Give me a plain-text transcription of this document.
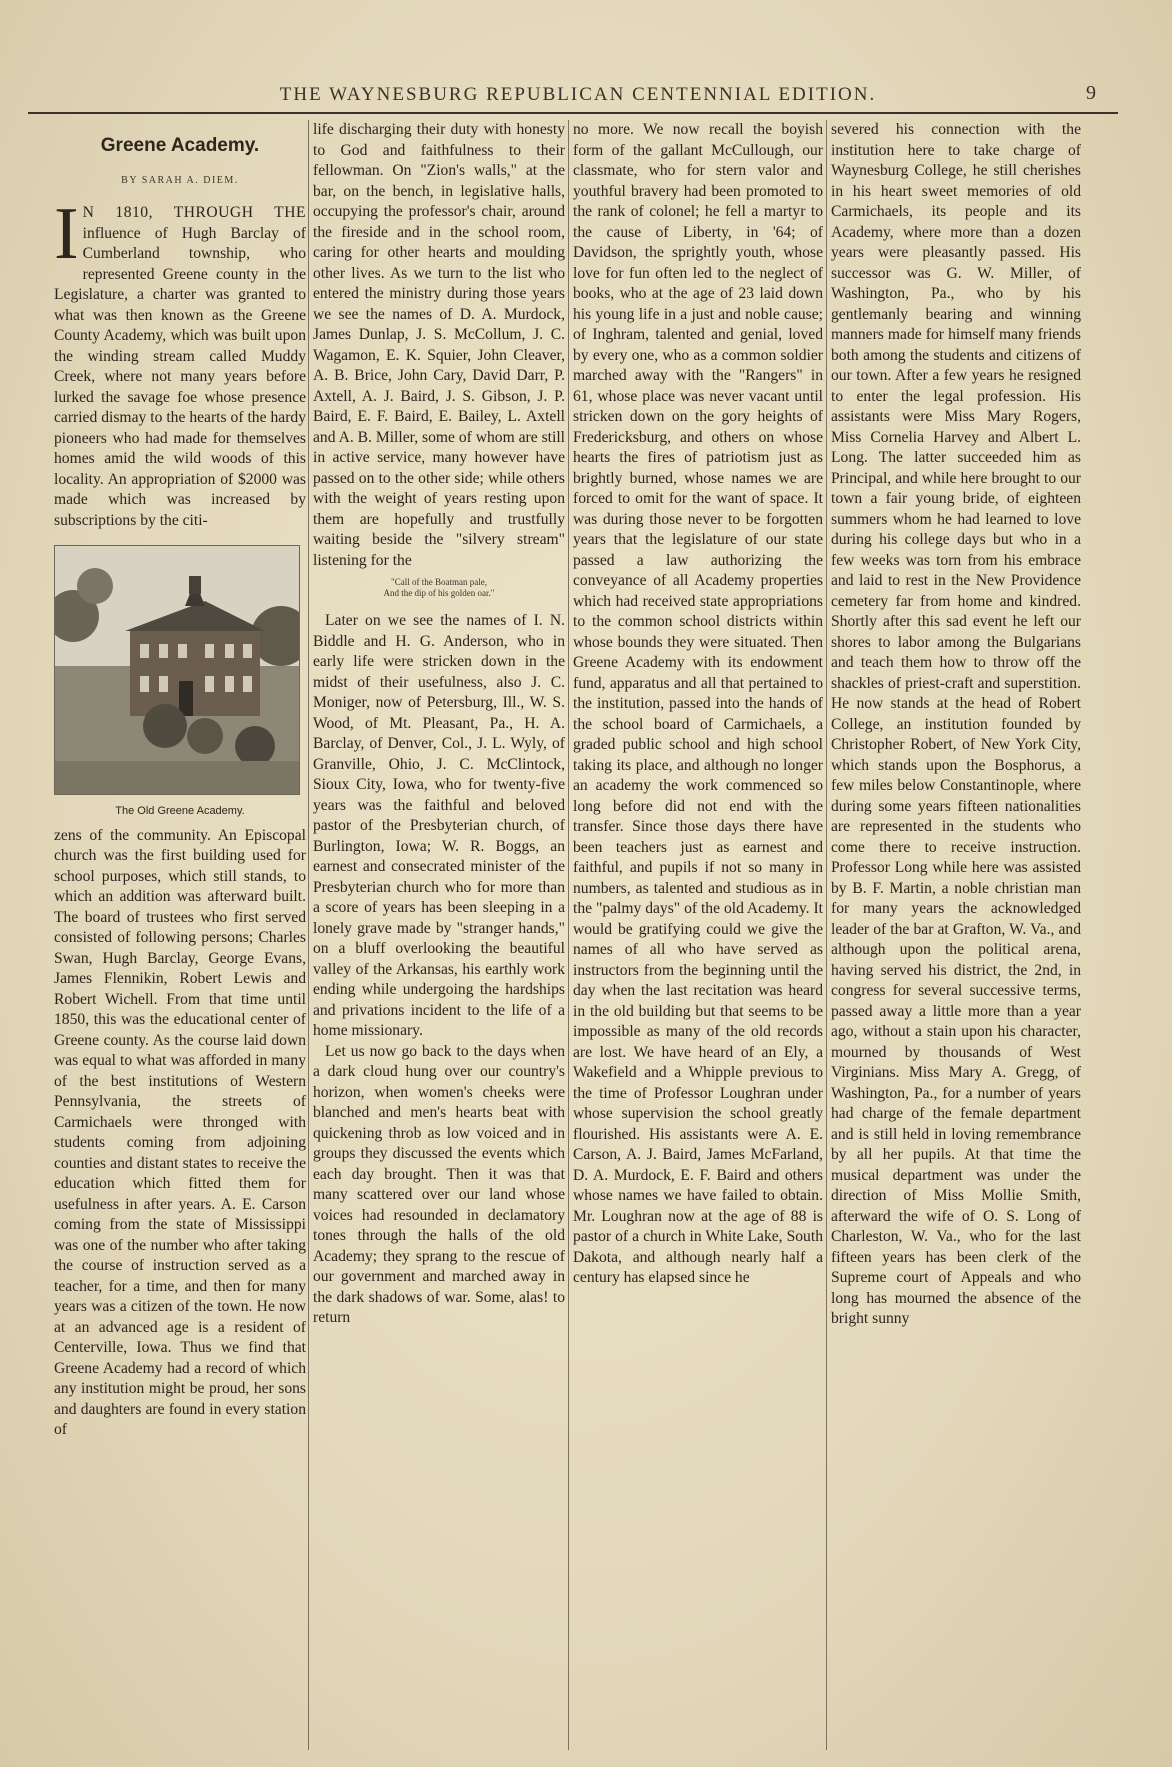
THE WAYNESBURG REPUBLICAN CENTENNIAL EDITION.	9
Greene Academy.
BY SARAH A. DIEM.

I N 1810, THROUGH THE influence of Hugh Barclay of Cumberland township, who represented Greene county in the Legislature, a charter was granted to what was then known as the Greene County Academy, which was built upon the winding stream called Muddy Creek, where not many years before lurked the savage foe whose presence carried dismay to the hearts of the hardy pioneers who had made for themselves homes amid the wild woods of this locality. An appropriation of $2000 was made which was increased by subscriptions by the citi-

The Old Greene Academy.

zens of the community. An Episcopal church was the first building used for school purposes, which still stands, to which an addition was afterward built. The board of trustees who first served consisted of following persons; Charles Swan, Hugh Barclay, George Evans, James Flennikin, Robert Lewis and Robert Wichell. From that time until 1850, this was the educational center of Greene county. As the course laid down was equal to what was afforded in many of the best institutions of Western Pennsylvania, the streets of Carmichaels were thronged with students coming from adjoining counties and distant states to receive the education which fitted them for usefulness in after years. A. E. Carson coming from the state of Mississippi was one of the number who after taking the course of instruction served as a teacher, for a time, and then for many years was a citizen of the town. He now at an advanced age is a resident of Centerville, Iowa. Thus we find that Greene Academy had a record of which any institution might be proud, her sons and daughters are found in every station of

life discharging their duty with honesty to God and faithfulness to their fellowman. On "Zion's walls," at the bar, on the bench, in legislative halls, occupying the professor's chair, around the fireside and in the school room, caring for other hearts and moulding other lives. As we turn to the list who entered the ministry during those years we see the names of D. A. Murdock, James Dunlap, J. S. McCollum, J. C. Wagamon, E. K. Squier, John Cleaver, A. B. Brice, John Cary, David Darr, P. Axtell, A. J. Baird, J. S. Gibson, J. P. Baird, E. F. Baird, E. Bailey, L. Axtell and A. B. Miller, some of whom are still in active service, many however have passed on to the other side; while others with the weight of years resting upon them are hopefully and trustfully waiting beside the "silvery stream" listening for the

"Call of the Boatman pale,
And the dip of his golden oar."

Later on we see the names of I. N. Biddle and H. G. Anderson, who in early life were stricken down in the midst of their usefulness, also J. C. Moniger, now of Petersburg, Ill., W. S. Wood, of Mt. Pleasant, Pa., H. A. Barclay, of Denver, Col., J. L. Wyly, of Granville, Ohio, J. C. McClintock, Sioux City, Iowa, who for twenty-five years was the faithful and beloved pastor of the Presbyterian church, of Burlington, Iowa; W. R. Boggs, an earnest and consecrated minister of the Presbyterian church who for more than a score of years has been sleeping in a lonely grave made by "stranger hands," on a bluff overlooking the beautiful valley of the Arkansas, his earthly work ending while undergoing the hardships and privations incident to the life of a home missionary.

Let us now go back to the days when a dark cloud hung over our country's horizon, when women's cheeks were blanched and men's hearts beat with quickening throb as low voiced and in groups they discussed the events which each day brought. Then it was that many scattered over our land whose voices had resounded in declamatory tones through the halls of the old Academy; they sprang to the rescue of our government and marched away in the dark shadows of war. Some, alas! to return

no more. We now recall the boyish form of the gallant McCullough, our classmate, who for stern valor and youthful bravery had been promoted to the rank of colonel; he fell a martyr to the cause of Liberty, in '64; of Davidson, the sprightly youth, whose love for fun often led to the neglect of books, who at the age of 23 laid down his young life in a just and noble cause; of Inghram, talented and genial, loved by every one, who as a common soldier marched away with the "Rangers" in 61, whose place was never vacant until stricken down on the gory heights of Fredericksburg, and others on whose hearts the fires of patriotism just as brightly burned, whose names we are forced to omit for the want of space. It was during those never to be forgotten years that the legislature of our state passed a law authorizing the conveyance of all Academy properties which had received state appropriations to the common school districts within whose bounds they were situated. Then Greene Academy with its endowment fund, apparatus and all that pertained to the institution, passed into the hands of the school board of Carmichaels, a graded public school and high school taking its place, and although no longer an academy the work commenced so long before did not end with the transfer. Since those days there have been teachers just as earnest and faithful, and pupils if not so many in numbers, as talented and studious as in the "palmy days" of the old Academy. It would be gratifying could we give the names of all who have served as instructors from the beginning until the day when the last recitation was heard in the old building but that seems to be impossible as many of the old records are lost. We have heard of an Ely, a Wakefield and a Whipple previous to the time of Professor Loughran under whose supervision the school greatly flourished. His assistants were A. E. Carson, A. J. Baird, James McFarland, D. A. Murdock, E. F. Baird and others whose names we have failed to obtain. Mr. Loughran now at the age of 88 is pastor of a church in White Lake, South Dakota, and although nearly half a century has elapsed since he

severed his connection with the institution here to take charge of Waynesburg College, he still cherishes in his heart sweet memories of old Carmichaels, its people and its Academy, where more than a dozen years were pleasantly passed. His successor was G. W. Miller, of Washington, Pa., who by his gentlemanly bearing and winning manners made for himself many friends both among the students and citizens of our town. After a few years he resigned to enter the legal profession. His assistants were Miss Mary Rogers, Miss Cornelia Harvey and Albert L. Long. The latter succeeded him as Principal, and while here brought to our town a fair young bride, of eighteen summers whom he had learned to love during his college days but who in a few weeks was torn from his embrace and laid to rest in the New Providence cemetery far from home and kindred. Shortly after this sad event he left our shores to labor among the Bulgarians and teach them how to throw off the shackles of priest-craft and superstition. He now stands at the head of Robert College, an institution founded by Christopher Robert, of New York City, which stands upon the Bosphorus, a few miles below Constantinople, where during some years fifteen nationalities are represented in the students who come there to receive instruction. Professor Long while here was assisted by B. F. Martin, a noble christian man for many years the acknowledged leader of the bar at Grafton, W. Va., and although upon the political arena, having served his district, the 2nd, in congress for several successive terms, passed away a little more than a year ago, without a stain upon his character, mourned by thousands of West Virginians. Miss Mary A. Gregg, of Washington, Pa., for a number of years had charge of the female department and is still held in loving remembrance by all her pupils. At that time the musical department was under the direction of Miss Mollie Smith, afterward the wife of O. S. Long of Charleston, W. Va., who for the last fifteen years has been clerk of the Supreme court of Appeals and who long has mourned the absence of the bright sunny
